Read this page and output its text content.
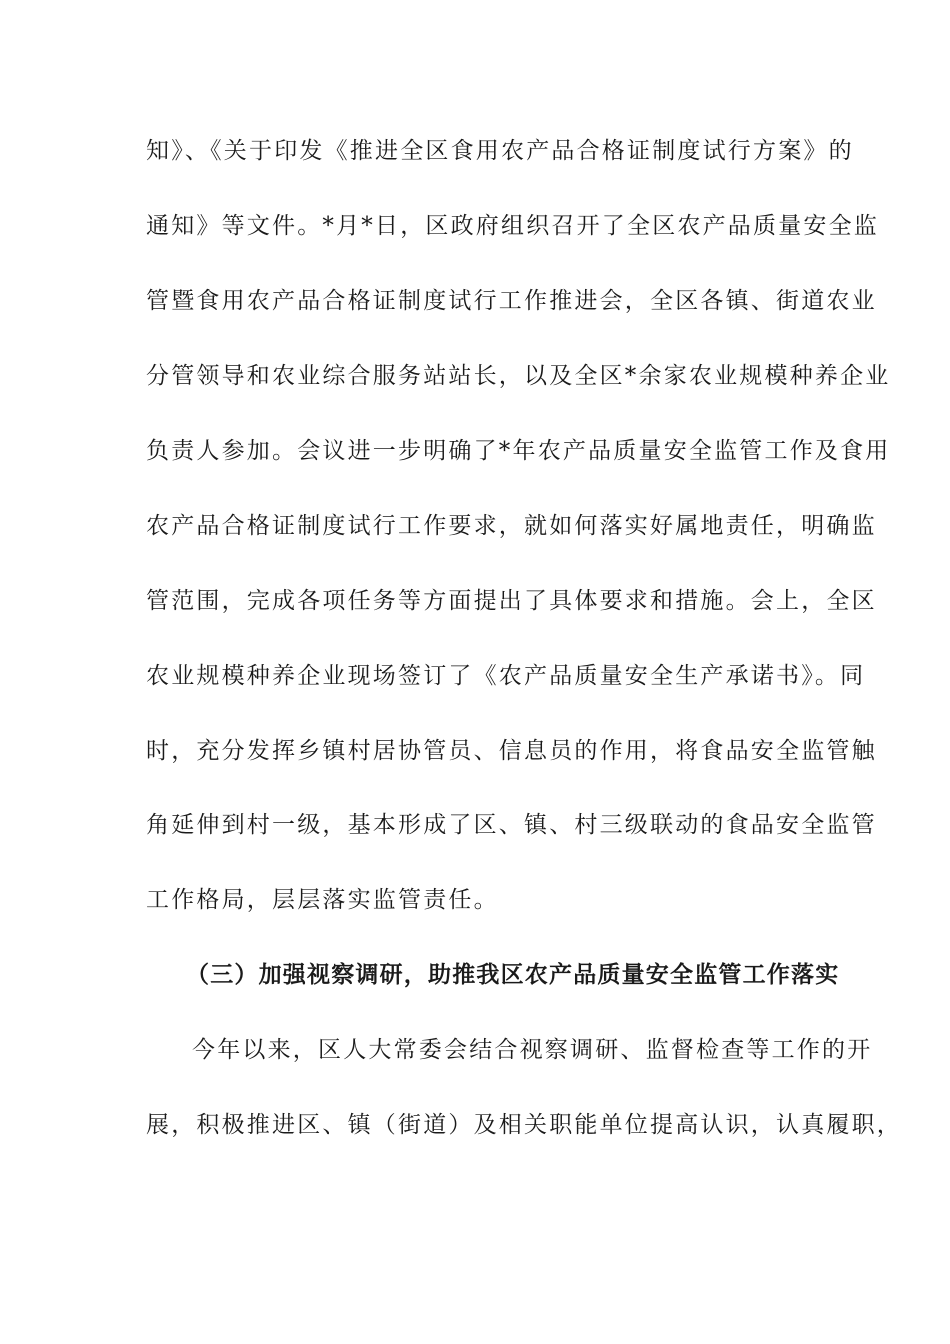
知》、《关于印发《推进全区食用农产品合格证制度试行方案》的
通知》等文件。*月*日，区政府组织召开了全区农产品质量安全监
管暨食用农产品合格证制度试行工作推进会，全区各镇、街道农业
分管领导和农业综合服务站站长，以及全区*余家农业规模种养企业
负责人参加。会议进一步明确了*年农产品质量安全监管工作及食用
农产品合格证制度试行工作要求，就如何落实好属地责任，明确监
管范围，完成各项任务等方面提出了具体要求和措施。会上，全区
农业规模种养企业现场签订了《农产品质量安全生产承诺书》。同
时，充分发挥乡镇村居协管员、信息员的作用，将食品安全监管触
角延伸到村一级，基本形成了区、镇、村三级联动的食品安全监管
工作格局，层层落实监管责任。
（三）加强视察调研，助推我区农产品质量安全监管工作落实
今年以来，区人大常委会结合视察调研、监督检查等工作的开
展，积极推进区、镇（街道）及相关职能单位提高认识，认真履职，
